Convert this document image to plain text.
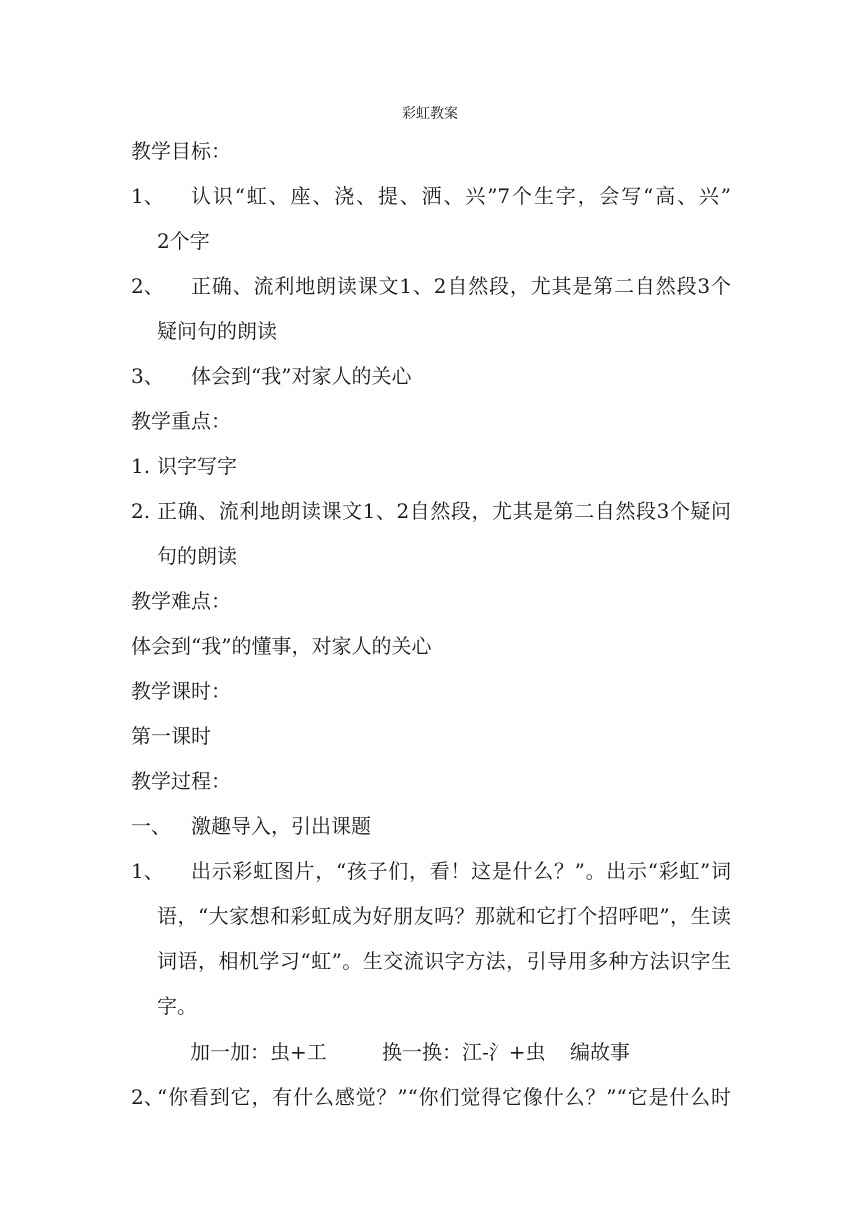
彩虹教案
教学目标：
1、 认识“虹、座、浇、提、洒、兴”7个生字，会写“高、兴”
2个字
2、 正确、流利地朗读课文1、2自然段，尤其是第二自然段3个
疑问句的朗读
3、 体会到“我”对家人的关心
教学重点：
1. 识字写字
2. 正确、流利地朗读课文1、2自然段，尤其是第二自然段3个疑问
句的朗读
教学难点：
体会到“我”的懂事，对家人的关心
教学课时：
第一课时
教学过程：
一、 激趣导入，引出课题
1、 出示彩虹图片，“孩子们，看！这是什么？”。出示“彩虹”词
语，“大家想和彩虹成为好朋友吗？那就和它打个招呼吧”，生读
词语，相机学习“虹”。生交流识字方法，引导用多种方法识字生
字。
加一加：虫+工	换一换：江-氵+虫 编故事
2、
“你看到它，有什么感觉？”“你们觉得它像什么？”“它是什么时
